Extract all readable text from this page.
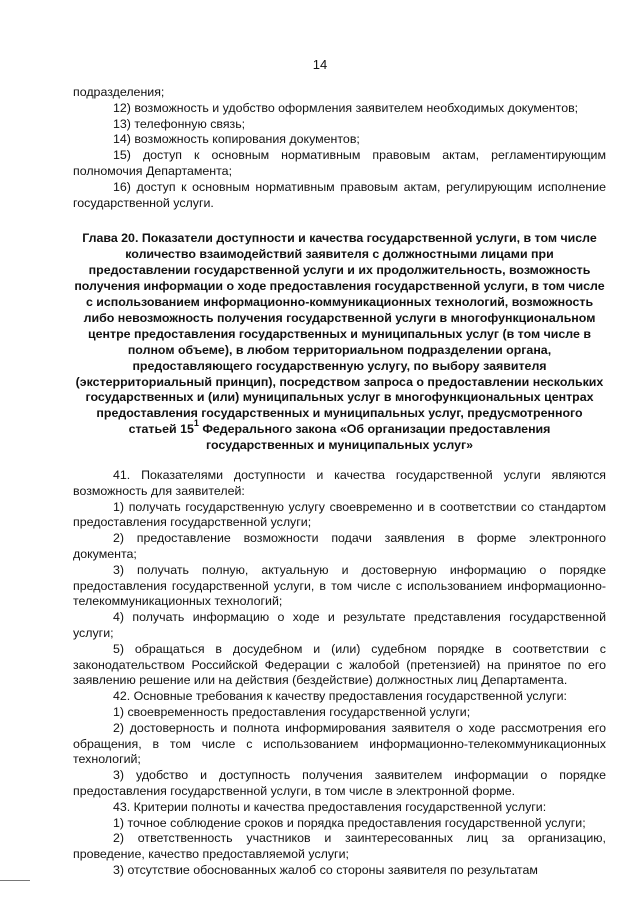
14

подразделения;

12) возможность и удобство оформления заявителем необходимых документов;

13) телефонную связь;

14) возможность копирования документов;

15) доступ к основным нормативным правовым актам, регламентирующим полномочия Департамента;

16) доступ к основным нормативным правовым актам, регулирующим исполнение государственной услуги.

Глава 20. Показатели доступности и качества государственной услуги, в том числе количество взаимодействий заявителя с должностными лицами при предоставлении государственной услуги и их продолжительность, возможность получения информации о ходе предоставления государственной услуги, в том числе с использованием информационно-коммуникационных технологий, возможность либо невозможность получения государственной услуги в многофункциональном центре предоставления государственных и муниципальных услуг (в том числе в полном объеме), в любом территориальном подразделении органа, предоставляющего государственную услугу, по выбору заявителя (экстерриториальный принцип), посредством запроса о предоставлении нескольких государственных и (или) муниципальных услуг в многофункциональных центрах предоставления государственных и муниципальных услуг, предусмотренного статьей $15^1$ Федерального закона «Об организации предоставления государственных и муниципальных услуг»

41. Показателями доступности и качества государственной услуги являются возможность для заявителей:

1) получать государственную услугу своевременно и в соответствии со стандартом предоставления государственной услуги;

2) предоставление возможности подачи заявления в форме электронного документа;

3) получать полную, актуальную и достоверную информацию о порядке предоставления государственной услуги, в том числе с использованием информационно-телекоммуникационных технологий;

4) получать информацию о ходе и результате представления государственной услуги;

5) обращаться в досудебном и (или) судебном порядке в соответствии с законодательством Российской Федерации с жалобой (претензией) на принятое по его заявлению решение или на действия (бездействие) должностных лиц Департамента.

42. Основные требования к качеству предоставления государственной услуги:

1) своевременность предоставления государственной услуги;

2) достоверность и полнота информирования заявителя о ходе рассмотрения его обращения, в том числе с использованием информационно-телекоммуникационных технологий;

3) удобство и доступность получения заявителем информации о порядке предоставления государственной услуги, в том числе в электронной форме.

43. Критерии полноты и качества предоставления государственной услуги:

1) точное соблюдение сроков и порядка предоставления государственной услуги;

2) ответственность участников и заинтересованных лиц за организацию, проведение, качество предоставляемой услуги;

3) отсутствие обоснованных жалоб со стороны заявителя по результатам
